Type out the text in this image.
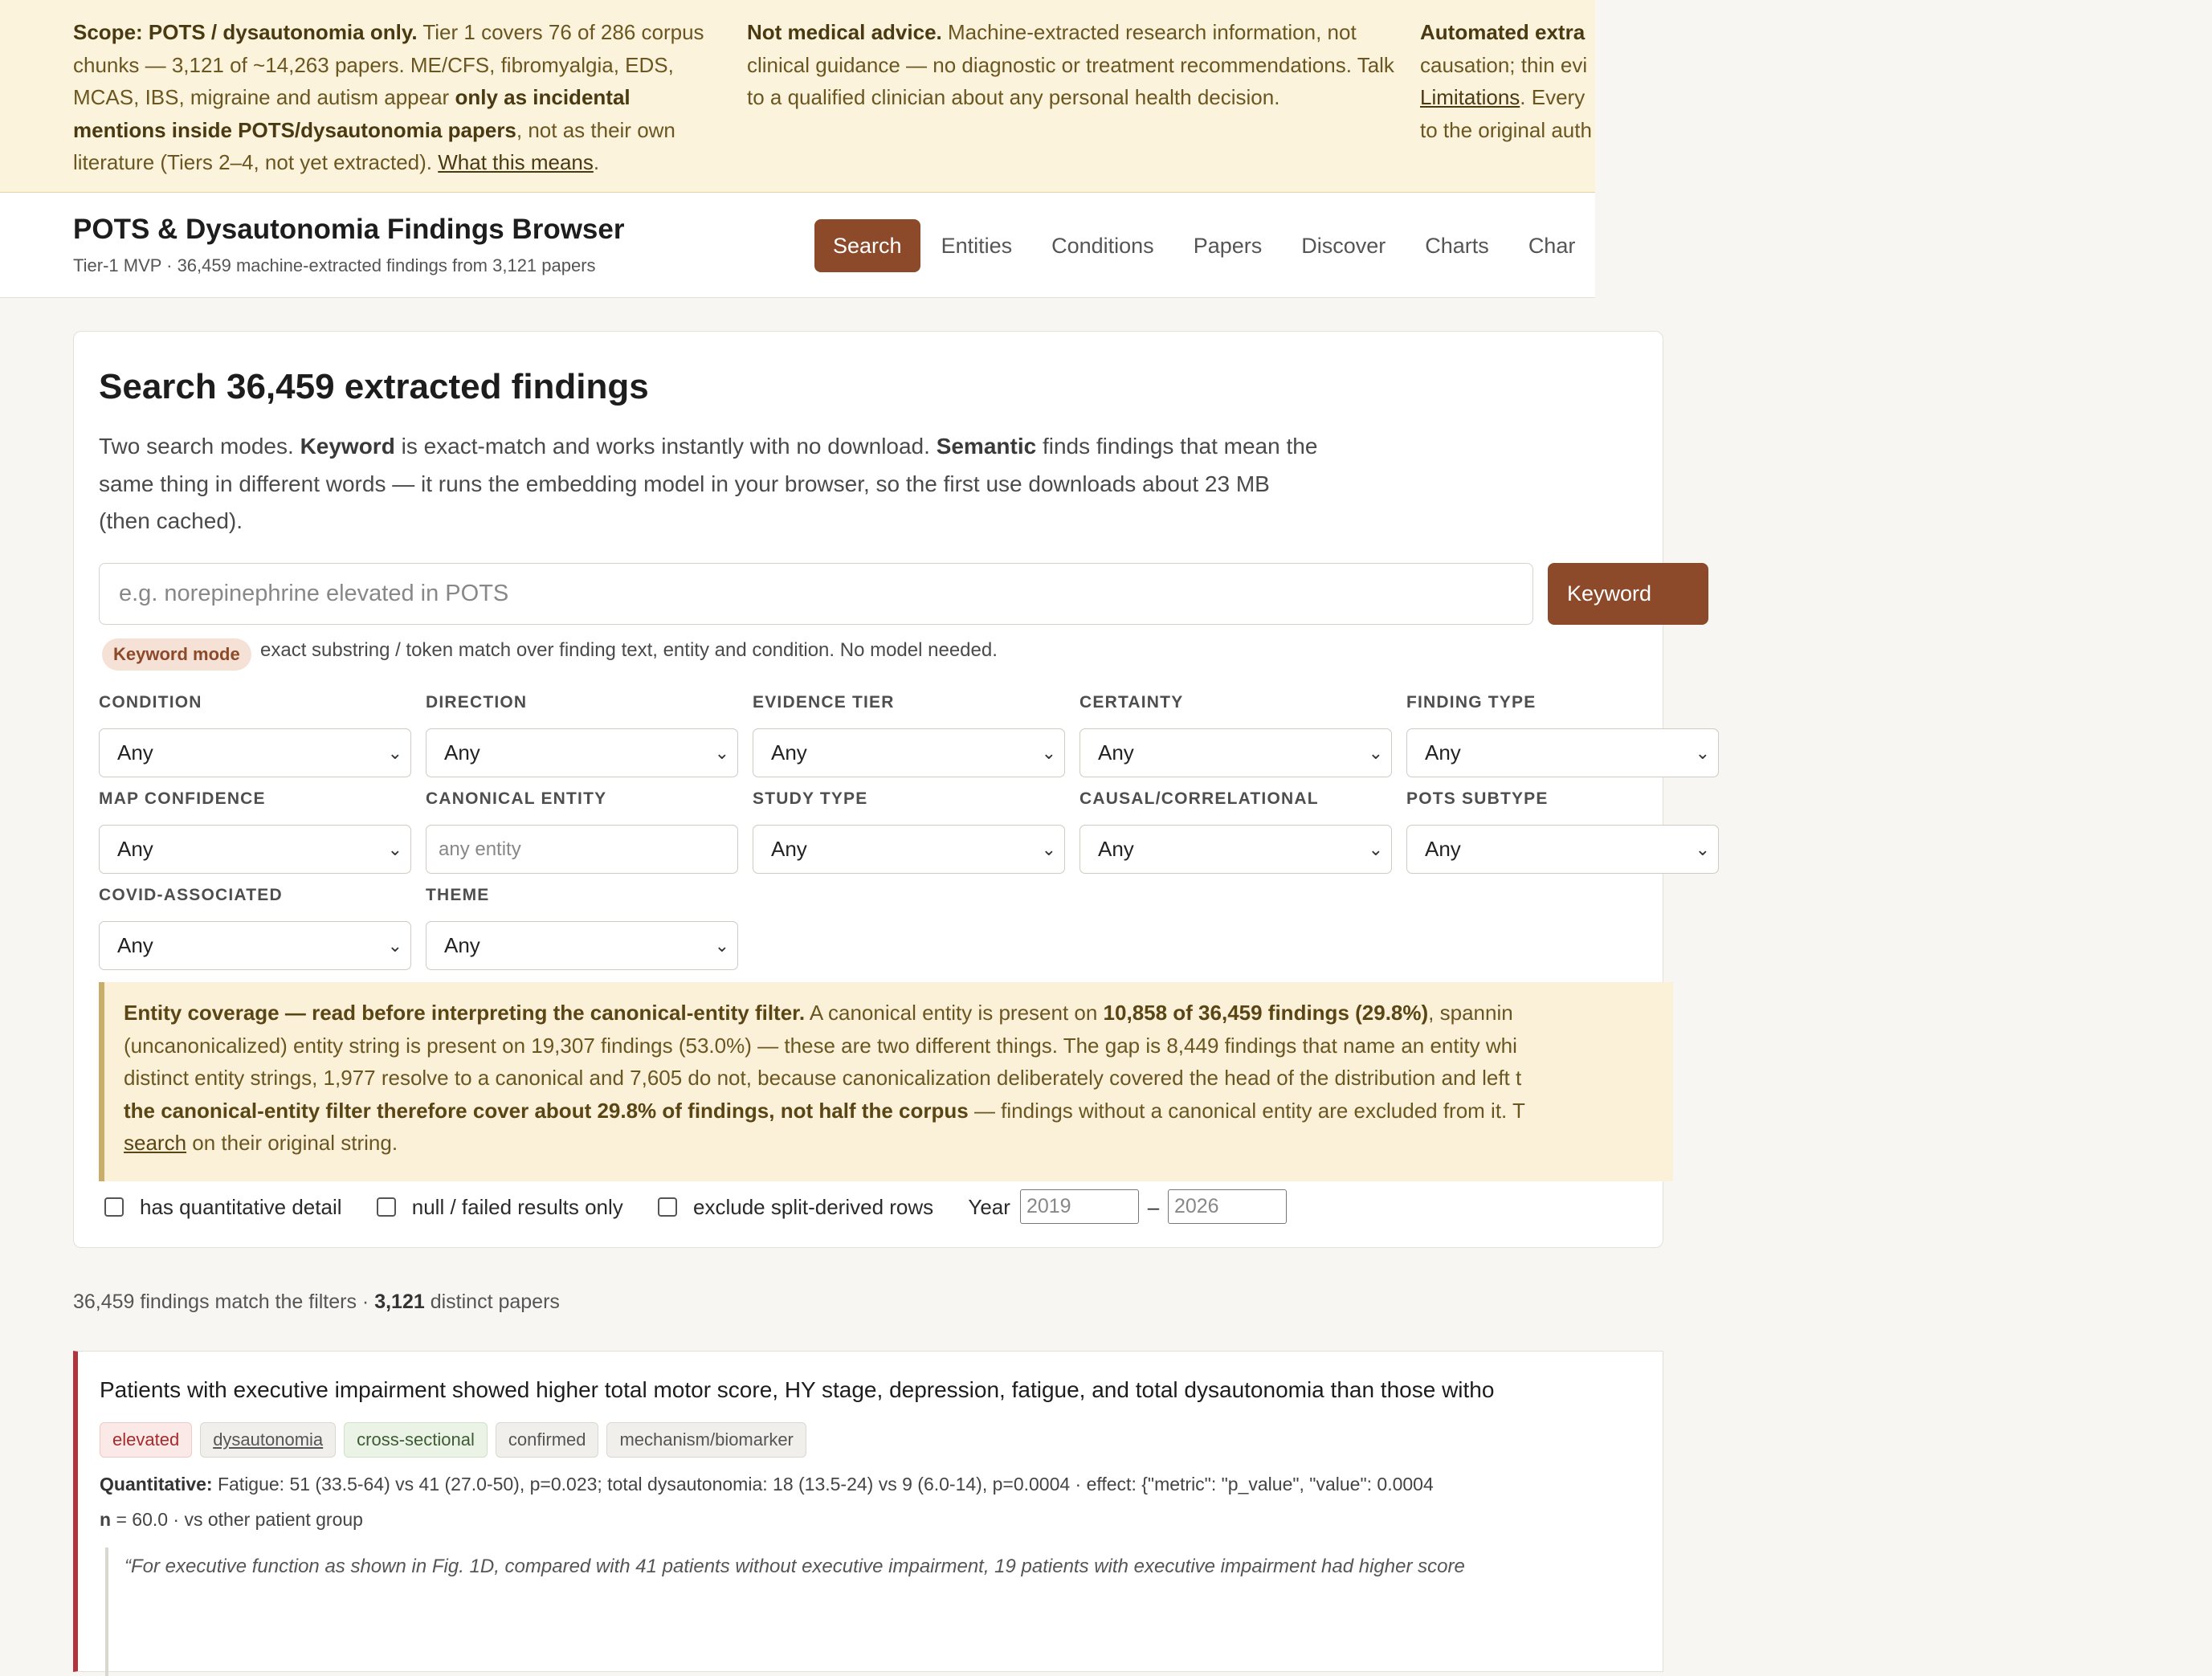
Scope: POTS / dysautonomia only. Tier 1 covers 76 of 286 corpus chunks — 3,121 of ~14,263 papers. ME/CFS, fibromyalgia, EDS, MCAS, IBS, migraine and autism appear only as incidental mentions inside POTS/dysautonomia papers, not as their own literature (Tiers 2–4, not yet extracted). What this means.
Not medical advice. Machine-extracted research information, not clinical guidance — no diagnostic or treatment recommendations. Talk to a qualified clinician about any personal health decision.
Automated extra
causation; thin evi
Limitations. Every
to the original auth
POTS & Dysautonomia Findings Browser
Tier-1 MVP · 36,459 machine-extracted findings from 3,121 papers
Search Entities Conditions Papers Discover Charts Char
Search 36,459 extracted findings
Two search modes. Keyword is exact-match and works instantly with no download. Semantic finds findings that mean the same thing in different words — it runs the embedding model in your browser, so the first use downloads about 23 MB (then cached).
e.g. norepinephrine elevated in POTS
Keyword
Keyword mode	exact substring / token match over finding text, entity and condition. No model needed.
CONDITION
Any	⌄
DIRECTION
Any	⌄
EVIDENCE TIER
Any	⌄
CERTAINTY
Any	⌄
FINDING TYPE
Any	⌄
MAP CONFIDENCE
Any	⌄
CANONICAL ENTITY
any entity
STUDY TYPE
Any	⌄
CAUSAL/CORRELATIONAL
Any	⌄
POTS SUBTYPE
Any	⌄
COVID-ASSOCIATED
Any	⌄
THEME
Any	⌄
Entity coverage — read before interpreting the canonical-entity filter. A canonical entity is present on 10,858 of 36,459 findings (29.8%), spannin
(uncanonicalized) entity string is present on 19,307 findings (53.0%) — these are two different things. The gap is 8,449 findings that name an entity whi
distinct entity strings, 1,977 resolve to a canonical and 7,605 do not, because canonicalization deliberately covered the head of the distribution and left t
the canonical-entity filter therefore cover about 29.8% of findings, not half the corpus — findings without a canonical entity are excluded from it. T
search on their original string.
has quantitative detail
	null / failed results only
	exclude split-derived rows Year 2019	– 2026
36,459 findings match the filters · 3,121 distinct papers
Patients with executive impairment showed higher total motor score, HY stage, depression, fatigue, and total dysautonomia than those witho
elevated dysautonomia cross-sectional confirmed mechanism/biomarker
Quantitative: Fatigue: 51 (33.5-64) vs 41 (27.0-50), p=0.023; total dysautonomia: 18 (13.5-24) vs 9 (6.0-14), p=0.0004 · effect: {"metric": "p_value", "value": 0.0004
n = 60.0 · vs other patient group
“For executive function as shown in Fig. 1D, compared with 41 patients without executive impairment, 19 patients with executive impairment had higher score
